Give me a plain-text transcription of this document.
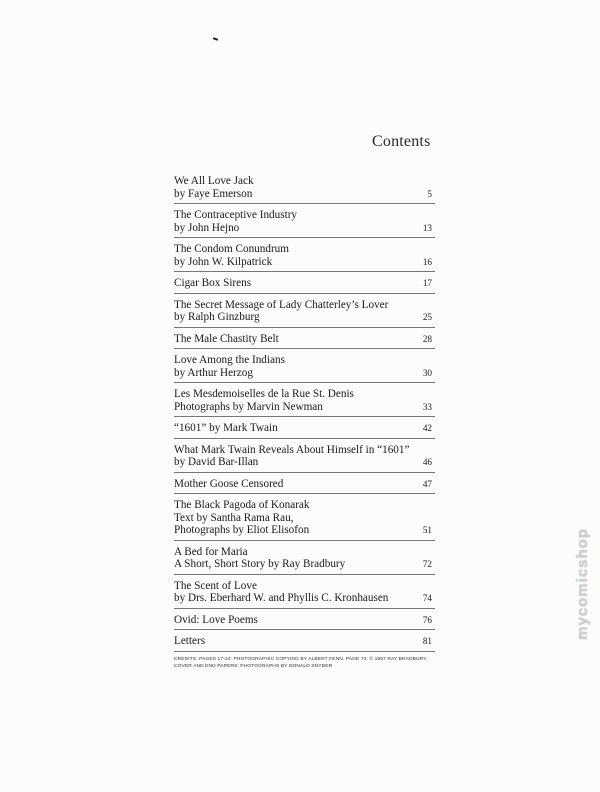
Contents
We All Love Jack
by Faye Emerson	5
The Contraceptive Industry
by John Hejno	13
The Condom Conundrum
by John W. Kilpatrick	16
Cigar Box Sirens	17
The Secret Message of Lady Chatterley’s Lover
by Ralph Ginzburg	25
The Male Chastity Belt	28
Love Among the Indians
by Arthur Herzog	30
Les Mesdemoiselles de la Rue St. Denis
Photographs by Marvin Newman	33
“1601” by Mark Twain	42
What Mark Twain Reveals About Himself in “1601”
by David Bar-Illan	46
Mother Goose Censored	47
The Black Pagoda of Konarak
Text by Santha Rama Rau,
Photographs by Eliot Elisofon	51
A Bed for Maria
A Short, Short Story by Ray Bradbury	72
The Scent of Love
by Drs. Eberhard W. and Phyllis C. Kronhausen	74
Ovid: Love Poems	76
Letters	81
CREDITS: PAGES 17-24: PHOTOGRAPHIC COPYING BY ALBERT FENN. PAGE 73: © 1957 RAY BRADBURY.
COVER AND END PAPERS: PHOTOGRAPHS BY DONALD SNYDER
mycomicshop
